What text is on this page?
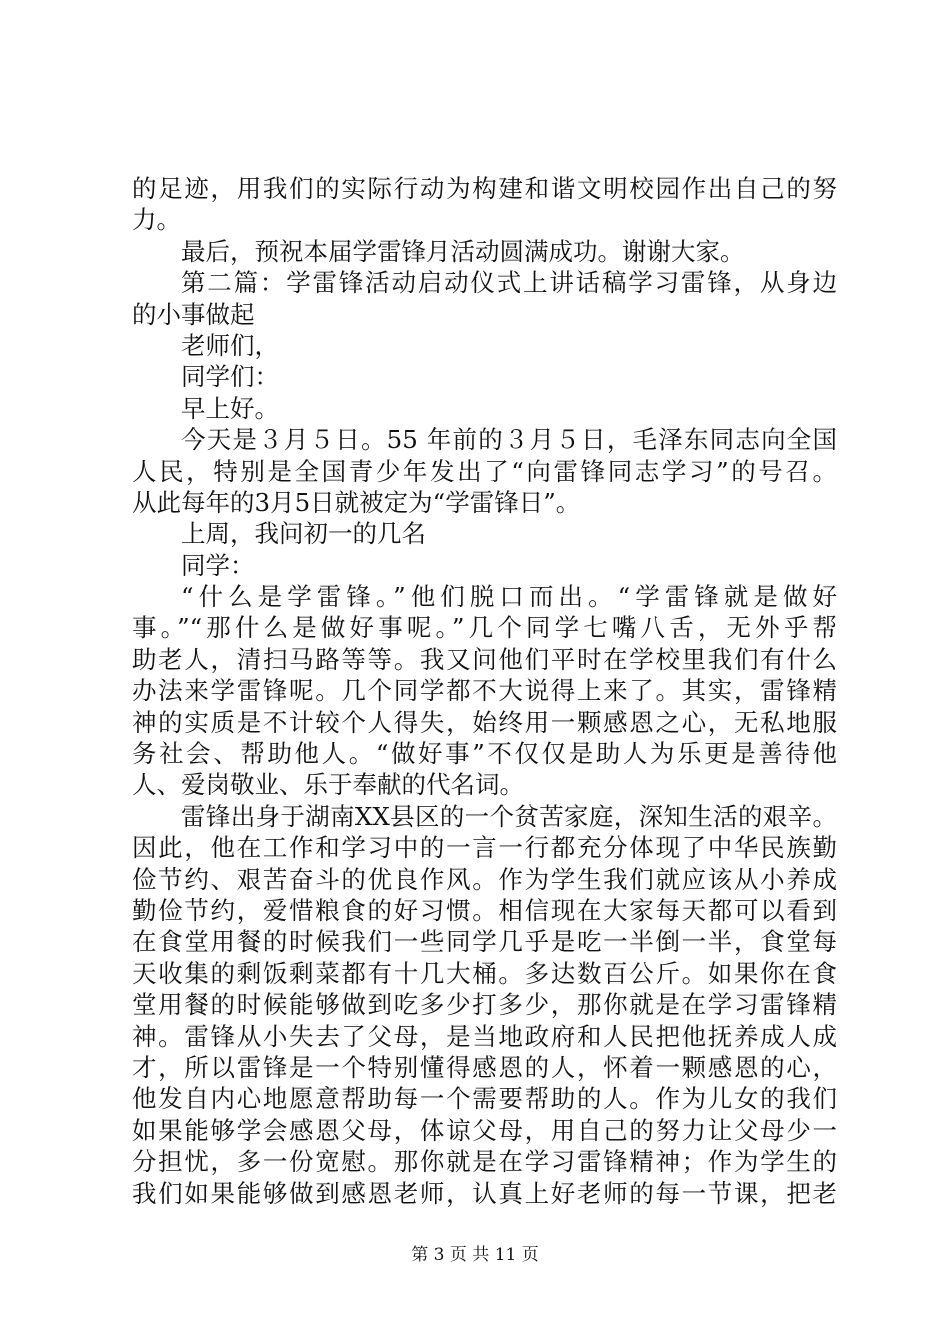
的足迹，用我们的实际行动为构建和谐文明校园作出自己的努
力。
最后，预祝本届学雷锋月活动圆满成功。谢谢大家。
第二篇：学雷锋活动启动仪式上讲话稿学习雷锋，从身边
的小事做起
老师们，
同学们：
早上好。
今天是３月５日。55 年前的３月５日，毛泽东同志向全国
人民，特别是全国青少年发出了“向雷锋同志学习”的号召。
从此每年的3月5日就被定为“学雷锋日”。
上周，我问初一的几名
同学：
“什么是学雷锋。”他们脱口而出。“学雷锋就是做好
事。”“那什么是做好事呢。”几个同学七嘴八舌，无外乎帮
助老人，清扫马路等等。我又问他们平时在学校里我们有什么
办法来学雷锋呢。几个同学都不大说得上来了。其实，雷锋精
神的实质是不计较个人得失，始终用一颗感恩之心，无私地服
务社会、帮助他人。“做好事”不仅仅是助人为乐更是善待他
人、爱岗敬业、乐于奉献的代名词。
雷锋出身于湖南XX县区的一个贫苦家庭，深知生活的艰辛。
因此，他在工作和学习中的一言一行都充分体现了中华民族勤
俭节约、艰苦奋斗的优良作风。作为学生我们就应该从小养成
勤俭节约，爱惜粮食的好习惯。相信现在大家每天都可以看到
在食堂用餐的时候我们一些同学几乎是吃一半倒一半，食堂每
天收集的剩饭剩菜都有十几大桶。多达数百公斤。如果你在食
堂用餐的时候能够做到吃多少打多少，那你就是在学习雷锋精
神。雷锋从小失去了父母，是当地政府和人民把他抚养成人成
才，所以雷锋是一个特别懂得感恩的人，怀着一颗感恩的心，
他发自内心地愿意帮助每一个需要帮助的人。作为儿女的我们
如果能够学会感恩父母，体谅父母，用自己的努力让父母少一
分担忧，多一份宽慰。那你就是在学习雷锋精神；作为学生的
我们如果能够做到感恩老师，认真上好老师的每一节课，把老
第 3 页 共 11 页
